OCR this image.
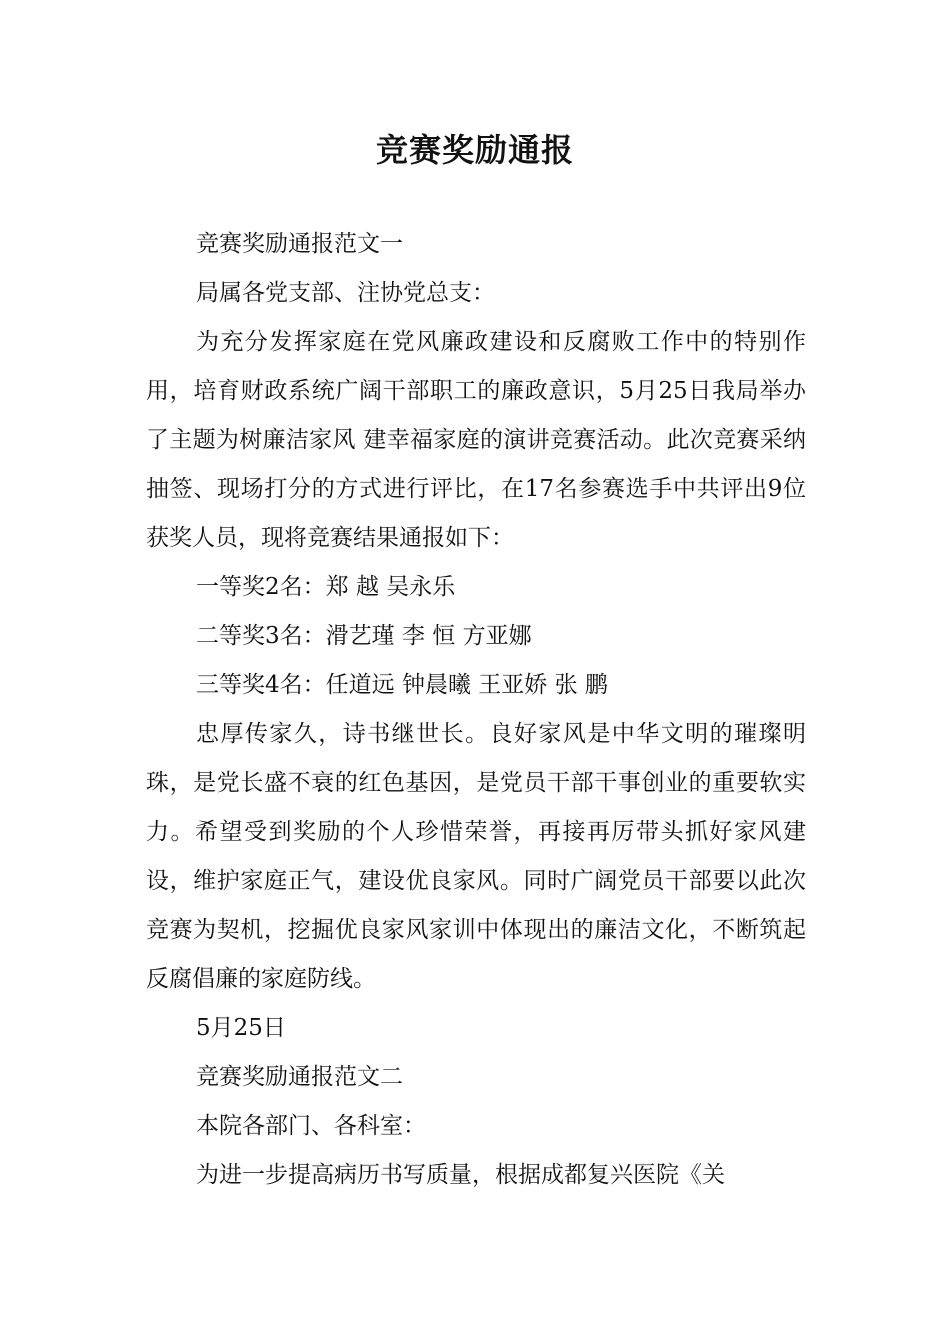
竞赛奖励通报

竞赛奖励通报范文一

局属各党支部、注协党总支：

为充分发挥家庭在党风廉政建设和反腐败工作中的特别作用，培育财政系统广阔干部职工的廉政意识，5月25日我局举办了主题为树廉洁家风 建幸福家庭的演讲竞赛活动。此次竞赛采纳抽签、现场打分的方式进行评比，在17名参赛选手中共评出9位获奖人员，现将竞赛结果通报如下：

一等奖2名：郑 越 吴永乐

二等奖3名：滑艺瑾 李 恒 方亚娜

三等奖4名：任道远 钟晨曦 王亚娇 张 鹏

忠厚传家久，诗书继世长。良好家风是中华文明的璀璨明珠，是党长盛不衰的红色基因，是党员干部干事创业的重要软实力。希望受到奖励的个人珍惜荣誉，再接再厉带头抓好家风建设，维护家庭正气，建设优良家风。同时广阔党员干部要以此次竞赛为契机，挖掘优良家风家训中体现出的廉洁文化，不断筑起反腐倡廉的家庭防线。

5月25日

竞赛奖励通报范文二

本院各部门、各科室：

为进一步提高病历书写质量，根据成都复兴医院《关
